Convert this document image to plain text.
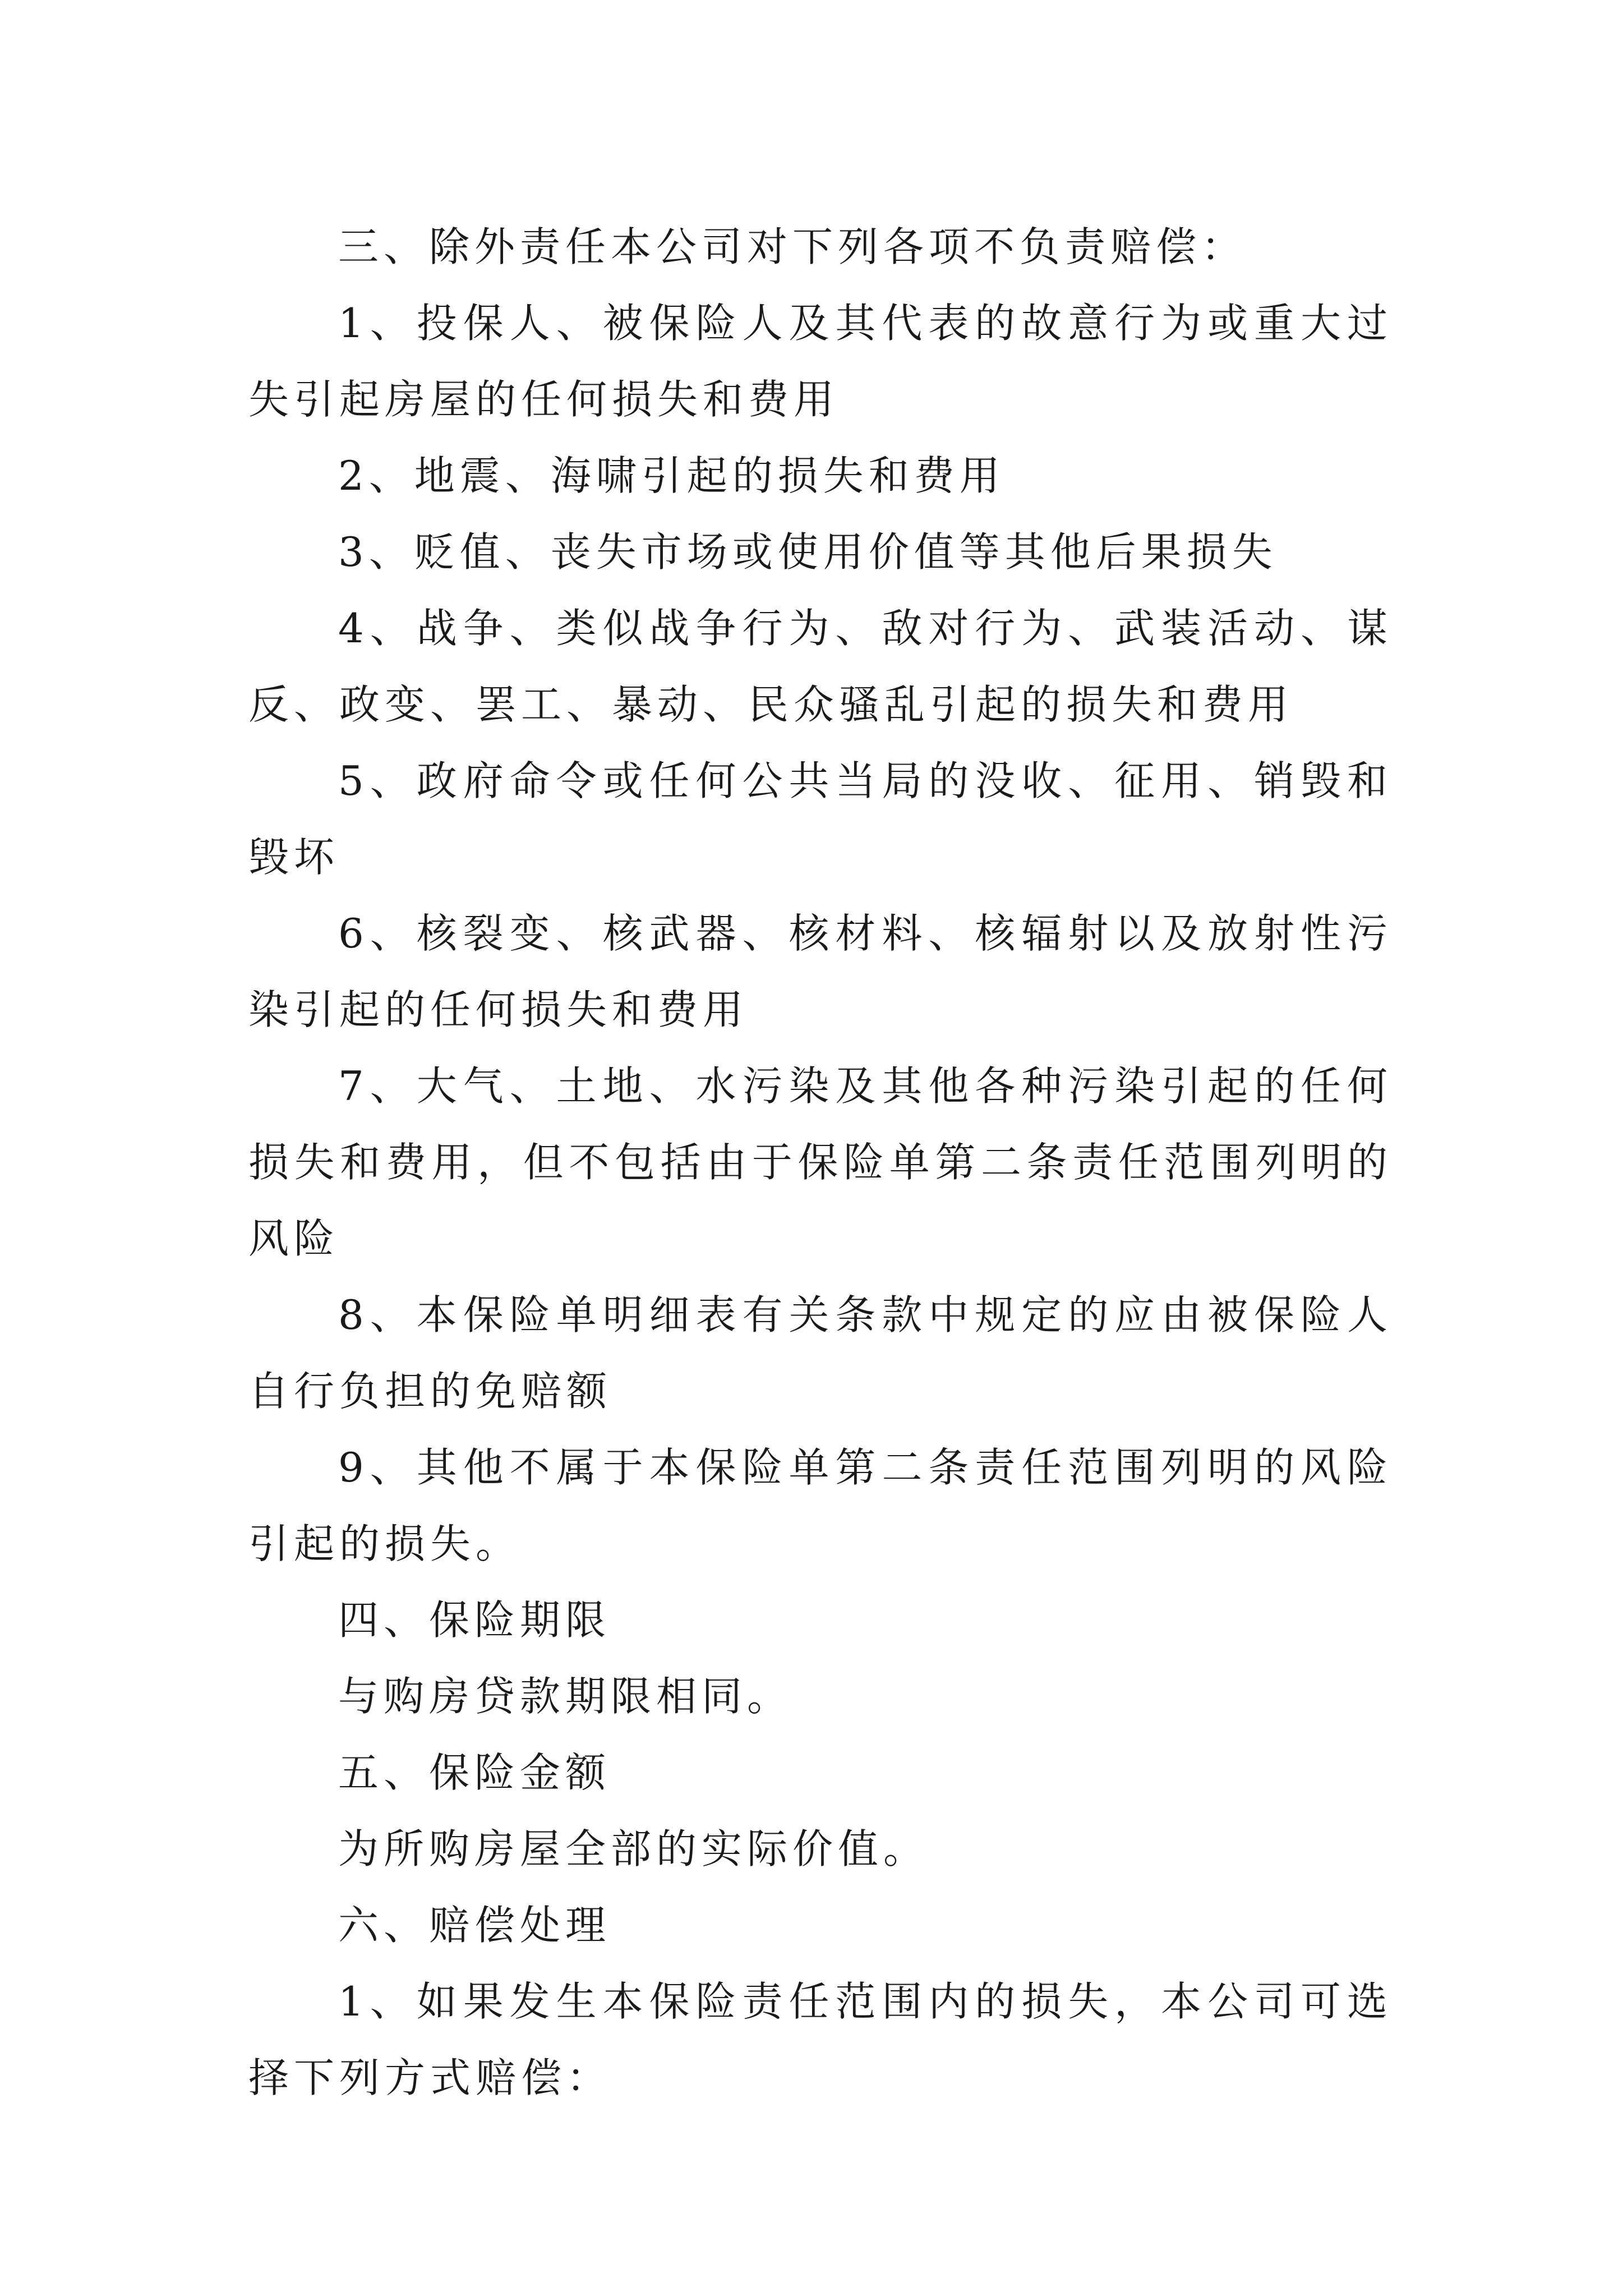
三、除外责任本公司对下列各项不负责赔偿：

1、投保人、被保险人及其代表的故意行为或重大过失引起房屋的任何损失和费用

2、地震、海啸引起的损失和费用

3、贬值、丧失市场或使用价值等其他后果损失

4、战争、类似战争行为、敌对行为、武装活动、谋反、政变、罢工、暴动、民众骚乱引起的损失和费用

5、政府命令或任何公共当局的没收、征用、销毁和毁坏

6、核裂变、核武器、核材料、核辐射以及放射性污染引起的任何损失和费用

7、大气、土地、水污染及其他各种污染引起的任何损失和费用，但不包括由于保险单第二条责任范围列明的风险

8、本保险单明细表有关条款中规定的应由被保险人自行负担的免赔额

9、其他不属于本保险单第二条责任范围列明的风险引起的损失。

四、保险期限

与购房贷款期限相同。

五、保险金额

为所购房屋全部的实际价值。

六、赔偿处理

1、如果发生本保险责任范围内的损失，本公司可选择下列方式赔偿：
